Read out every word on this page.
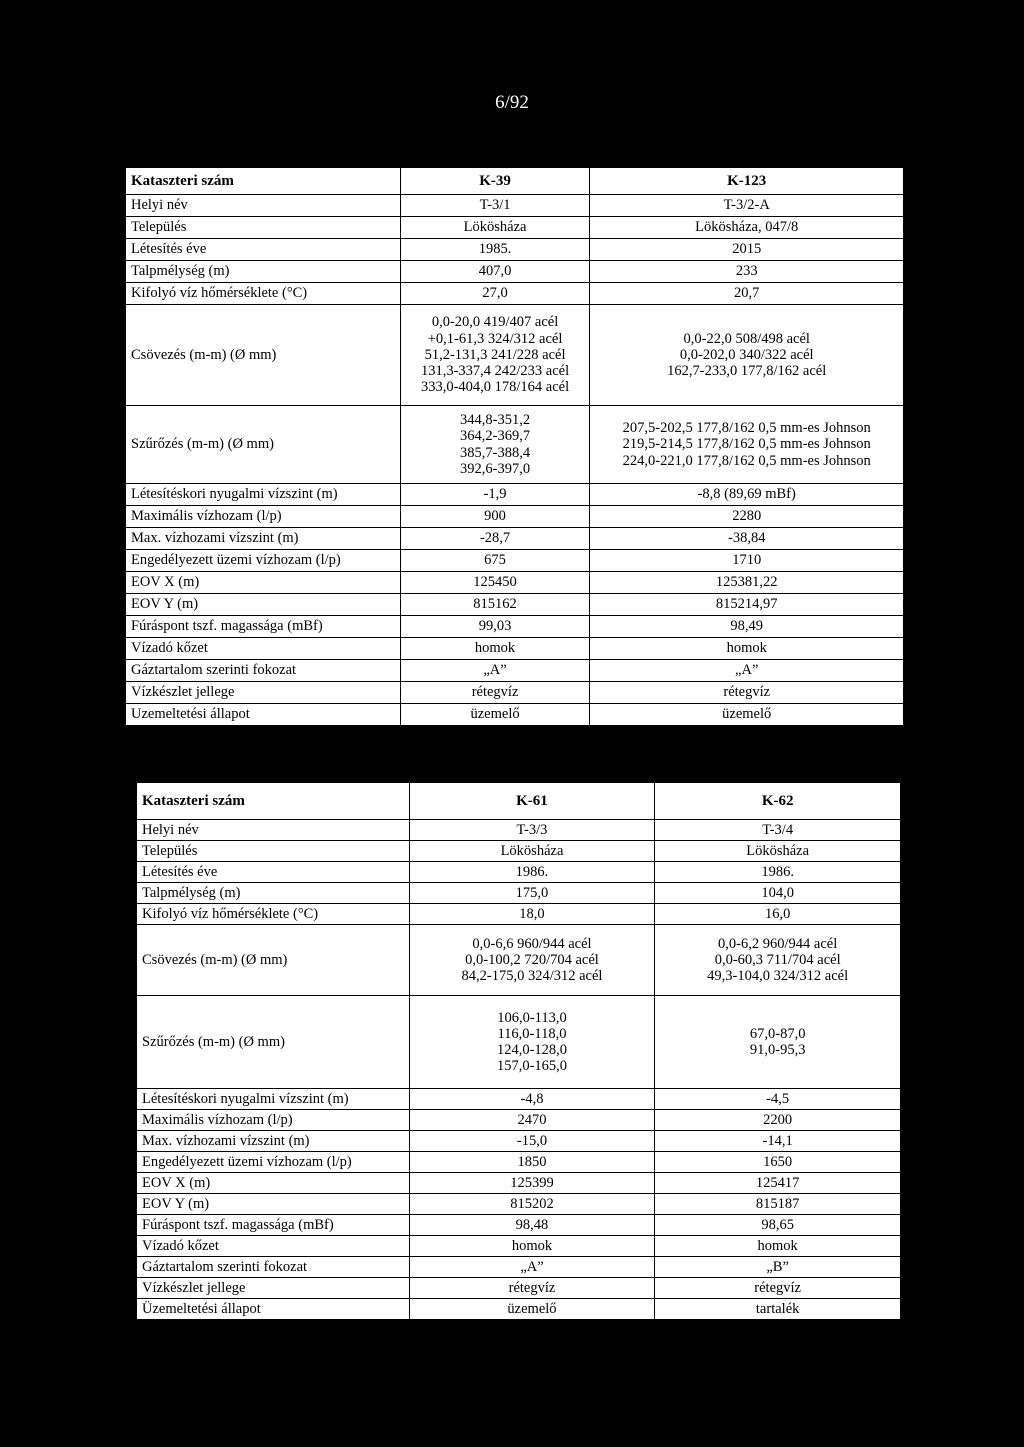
6/92
Kataszteri szám	K-39	K-123
Helyi név	T-3/1	T-3/2-A
Település	Lökösháza	Lökösháza, 047/8
Létesítés éve	1985.	2015
Talpmélység (m)	407,0	233
Kifolyó víz hőmérséklete (°C)	27,0	20,7
Csövezés (m-m) (Ø mm)	0,0-20,0 419/407 acél
+0,1-61,3 324/312 acél
51,2-131,3 241/228 acél
131,3-337,4 242/233 acél
333,0-404,0 178/164 acél	0,0-22,0 508/498 acél
0,0-202,0 340/322 acél
162,7-233,0 177,8/162 acél

Szűrőzés (m-m) (Ø mm)	344,8-351,2
364,2-369,7
385,7-388,4
392,6-397,0	207,5-202,5 177,8/162 0,5 mm-es Johnson
219,5-214,5 177,8/162 0,5 mm-es Johnson
224,0-221,0 177,8/162 0,5 mm-es Johnson

Létesítéskori nyugalmi vízszint (m)	-1,9	-8,8 (89,69 mBf)
Maximális vízhozam (l/p)	900	2280
Max. vízhozami vízszint (m)	-28,7	-38,84
Engedélyezett üzemi vízhozam (l/p)	675	1710
EOV X (m)	125450	125381,22
EOV Y (m)	815162	815214,97
Fúráspont tszf. magassága (mBf)	99,03	98,49
Vízadó kőzet	homok	homok
Gáztartalom szerinti fokozat	„A”	„A”
Vízkészlet jellege	rétegvíz	rétegvíz
Uzemeltetési állapot	üzemelő	üzemelő
Kataszteri szám	K-61	K-62
Helyi név	T-3/3	T-3/4
Település	Lökösháza	Lökösháza
Létesítés éve	1986.	1986.
Talpmélység (m)	175,0	104,0
Kifolyó víz hőmérséklete (°C)	18,0	16,0
Csövezés (m-m) (Ø mm)	0,0-6,6 960/944 acél
0,0-100,2 720/704 acél
84,2-175,0 324/312 acél	0,0-6,2 960/944 acél
0,0-60,3 711/704 acél
49,3-104,0 324/312 acél

Szűrőzés (m-m) (Ø mm)	106,0-113,0
116,0-118,0
124,0-128,0
157,0-165,0	67,0-87,0
91,0-95,3

Létesítéskori nyugalmi vízszint (m)	-4,8	-4,5
Maximális vízhozam (l/p)	2470	2200
Max. vízhozami vízszint (m)	-15,0	-14,1
Engedélyezett üzemi vízhozam (l/p)	1850	1650
EOV X (m)	125399	125417
EOV Y (m)	815202	815187
Fúráspont tszf. magassága (mBf)	98,48	98,65
Vízadó kőzet	homok	homok
Gáztartalom szerinti fokozat	„A”	„B”
Vízkészlet jellege	rétegvíz	rétegvíz
Üzemeltetési állapot	üzemelő	tartalék
